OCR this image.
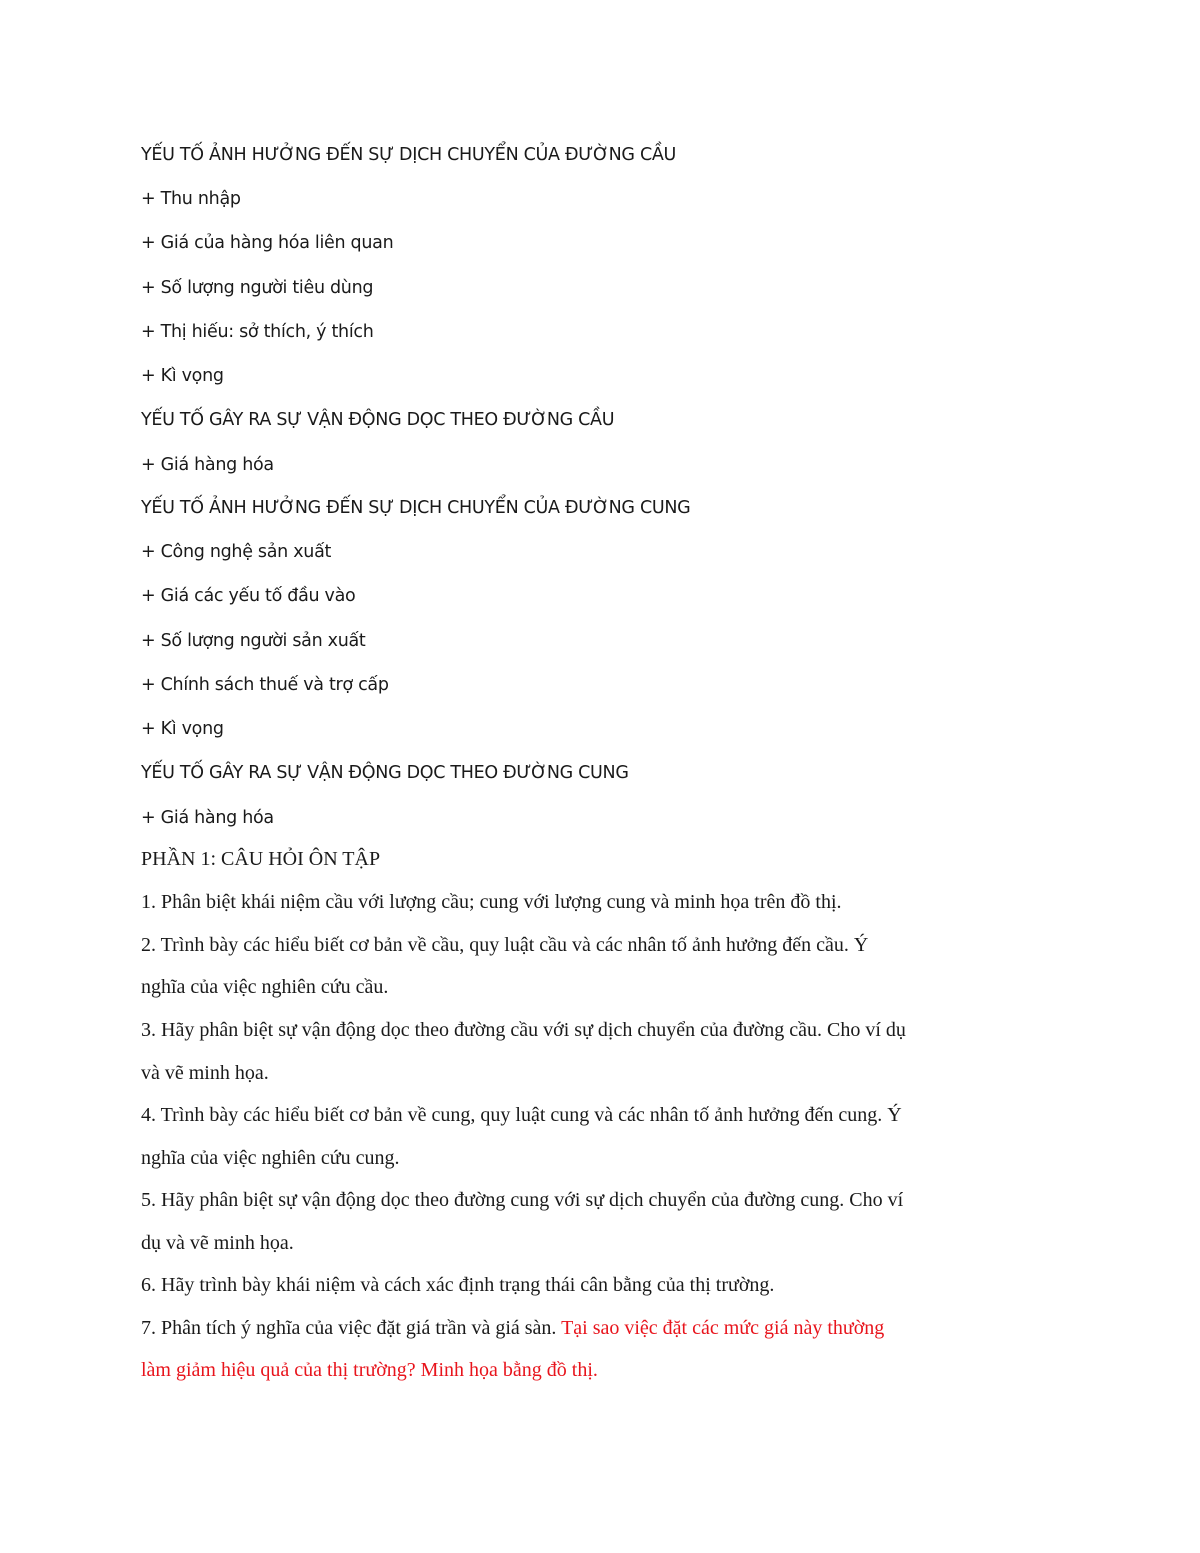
YẾU TỐ ẢNH HƯỞNG ĐẾN SỰ DỊCH CHUYỂN CỦA ĐƯỜNG CẦU
+ Thu nhập
+ Giá của hàng hóa liên quan
+ Số lượng người tiêu dùng
+ Thị hiếu: sở thích, ý thích
+ Kì vọng
YẾU TỐ GÂY RA SỰ VẬN ĐỘNG DỌC THEO ĐƯỜNG CẦU
+ Giá hàng hóa
YẾU TỐ ẢNH HƯỞNG ĐẾN SỰ DỊCH CHUYỂN CỦA ĐƯỜNG CUNG
+ Công nghệ sản xuất
+ Giá các yếu tố đầu vào
+ Số lượng người sản xuất
+ Chính sách thuế và trợ cấp
+ Kì vọng
YẾU TỐ GÂY RA SỰ VẬN ĐỘNG DỌC THEO ĐƯỜNG CUNG
+ Giá hàng hóa
PHẦN 1: CÂU HỎI ÔN TẬP
1. Phân biệt khái niệm cầu với lượng cầu; cung với lượng cung và minh họa trên đồ thị.
2. Trình bày các hiểu biết cơ bản về cầu, quy luật cầu và các nhân tố ảnh hưởng đến cầu. Ý
nghĩa của việc nghiên cứu cầu.
3. Hãy phân biệt sự vận động dọc theo đường cầu với sự dịch chuyển của đường cầu. Cho ví dụ
và vẽ minh họa.
4. Trình bày các hiểu biết cơ bản về cung, quy luật cung và các nhân tố ảnh hưởng đến cung. Ý
nghĩa của việc nghiên cứu cung.
5. Hãy phân biệt sự vận động dọc theo đường cung với sự dịch chuyển của đường cung. Cho ví
dụ và vẽ minh họa.
6. Hãy trình bày khái niệm và cách xác định trạng thái cân bằng của thị trường.
7. Phân tích ý nghĩa của việc đặt giá trần và giá sàn. Tại sao việc đặt các mức giá này thường
làm giảm hiệu quả của thị trường? Minh họa bằng đồ thị.
